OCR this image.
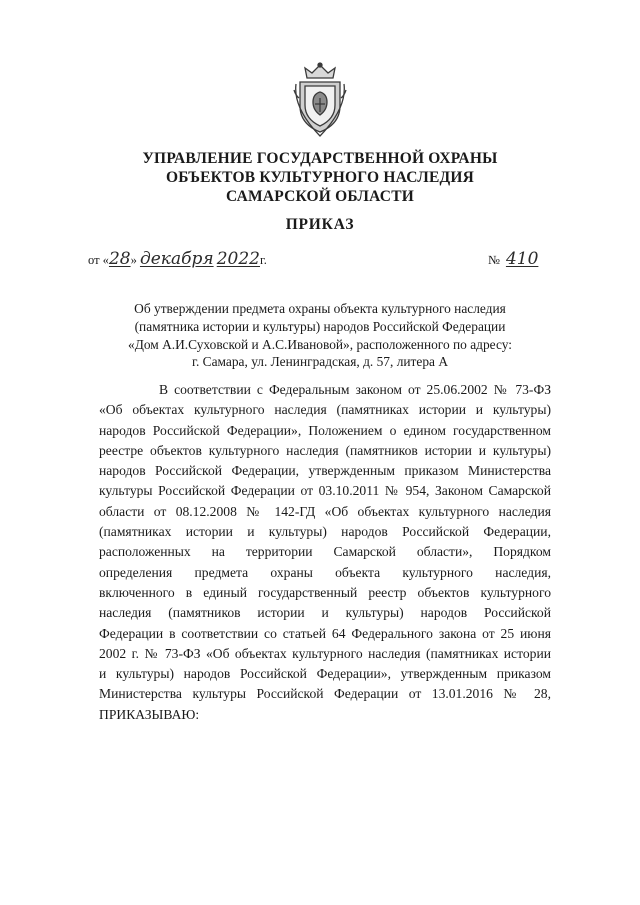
УПРАВЛЕНИЕ ГОСУДАРСТВЕННОЙ ОХРАНЫ
ОБЪЕКТОВ КУЛЬТУРНОГО НАСЛЕДИЯ
САМАРСКОЙ ОБЛАСТИ
ПРИКАЗ
от «28» декабря 2022г.	№ 410
Об утверждении предмета охраны объекта культурного наследия
(памятника истории и культуры) народов Российской Федерации
«Дом А.И.Суховской и А.С.Ивановой», расположенного по адресу:
г. Самара, ул. Ленинградская, д. 57, литера А
В соответствии с Федеральным законом от 25.06.2002 № 73-ФЗ
«Об объектах культурного наследия (памятниках истории и культуры)
народов Российской Федерации», Положением о едином государственном
реестре объектов культурного наследия (памятников истории и культуры)
народов Российской Федерации, утвержденным приказом Министерства
культуры Российской Федерации от 03.10.2011 № 954, Законом Самарской
области от 08.12.2008 № 142-ГД «Об объектах культурного наследия
(памятниках истории и культуры) народов Российской Федерации,
расположенных на территории Самарской области», Порядком
определения предмета охраны объекта культурного наследия,
включенного в единый государственный реестр объектов культурного
наследия (памятников истории и культуры) народов Российской
Федерации в соответствии со статьей 64 Федерального закона от 25 июня
2002 г. № 73-ФЗ «Об объектах культурного наследия (памятниках истории
и культуры) народов Российской Федерации», утвержденным приказом
Министерства культуры Российской Федерации от 13.01.2016 № 28,
ПРИКАЗЫВАЮ:
